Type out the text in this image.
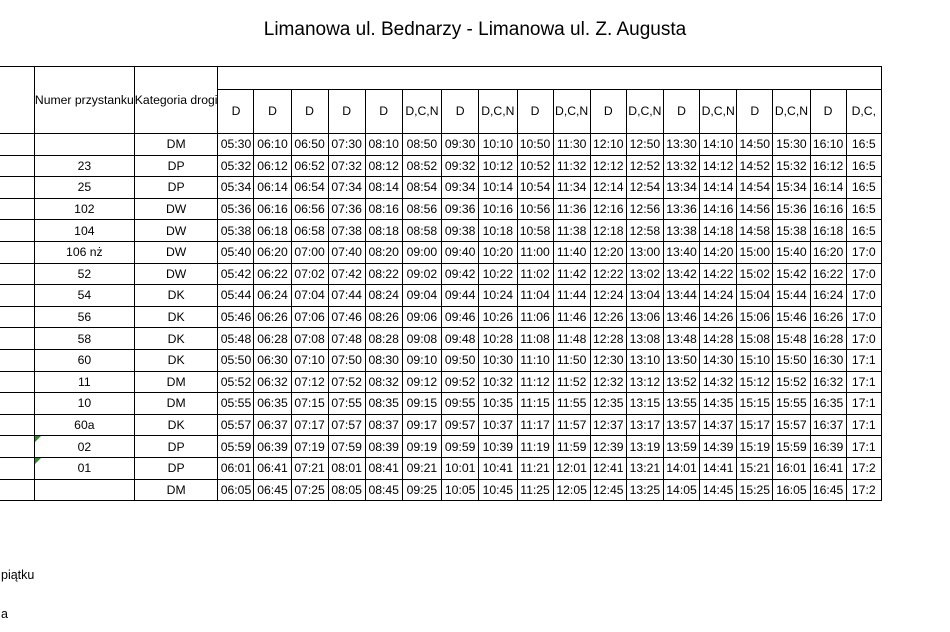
Limanowa ul. Bednarzy - Limanowa ul. Z. Augusta

	Numer przystanku	Kategoria drogi																		
			D	D	D	D	D	D,C,N	D	D,C,N	D	D,C,N	D	D,C,N	D	D,C,N	D	D,C,N	D	D,C,
		DM	05:30	06:10	06:50	07:30	08:10	08:50	09:30	10:10	10:50	11:30	12:10	12:50	13:30	14:10	14:50	15:30	16:10	16:5
	23	DP	05:32	06:12	06:52	07:32	08:12	08:52	09:32	10:12	10:52	11:32	12:12	12:52	13:32	14:12	14:52	15:32	16:12	16:5
	25	DP	05:34	06:14	06:54	07:34	08:14	08:54	09:34	10:14	10:54	11:34	12:14	12:54	13:34	14:14	14:54	15:34	16:14	16:5
	102	DW	05:36	06:16	06:56	07:36	08:16	08:56	09:36	10:16	10:56	11:36	12:16	12:56	13:36	14:16	14:56	15:36	16:16	16:5
	104	DW	05:38	06:18	06:58	07:38	08:18	08:58	09:38	10:18	10:58	11:38	12:18	12:58	13:38	14:18	14:58	15:38	16:18	16:5
	106 nż	DW	05:40	06:20	07:00	07:40	08:20	09:00	09:40	10:20	11:00	11:40	12:20	13:00	13:40	14:20	15:00	15:40	16:20	17:0
	52	DW	05:42	06:22	07:02	07:42	08:22	09:02	09:42	10:22	11:02	11:42	12:22	13:02	13:42	14:22	15:02	15:42	16:22	17:0
	54	DK	05:44	06:24	07:04	07:44	08:24	09:04	09:44	10:24	11:04	11:44	12:24	13:04	13:44	14:24	15:04	15:44	16:24	17:0
	56	DK	05:46	06:26	07:06	07:46	08:26	09:06	09:46	10:26	11:06	11:46	12:26	13:06	13:46	14:26	15:06	15:46	16:26	17:0
	58	DK	05:48	06:28	07:08	07:48	08:28	09:08	09:48	10:28	11:08	11:48	12:28	13:08	13:48	14:28	15:08	15:48	16:28	17:0
	60	DK	05:50	06:30	07:10	07:50	08:30	09:10	09:50	10:30	11:10	11:50	12:30	13:10	13:50	14:30	15:10	15:50	16:30	17:1
	11	DM	05:52	06:32	07:12	07:52	08:32	09:12	09:52	10:32	11:12	11:52	12:32	13:12	13:52	14:32	15:12	15:52	16:32	17:1
	10	DM	05:55	06:35	07:15	07:55	08:35	09:15	09:55	10:35	11:15	11:55	12:35	13:15	13:55	14:35	15:15	15:55	16:35	17:1
	60a	DK	05:57	06:37	07:17	07:57	08:37	09:17	09:57	10:37	11:17	11:57	12:37	13:17	13:57	14:37	15:17	15:57	16:37	17:1
	02	DP	05:59	06:39	07:19	07:59	08:39	09:19	09:59	10:39	11:19	11:59	12:39	13:19	13:59	14:39	15:19	15:59	16:39	17:1
	01	DP	06:01	06:41	07:21	08:01	08:41	09:21	10:01	10:41	11:21	12:01	12:41	13:21	14:01	14:41	15:21	16:01	16:41	17:2
		DM	06:05	06:45	07:25	08:05	08:45	09:25	10:05	10:45	11:25	12:05	12:45	13:25	14:05	14:45	15:25	16:05	16:45	17:2
piątku
a
